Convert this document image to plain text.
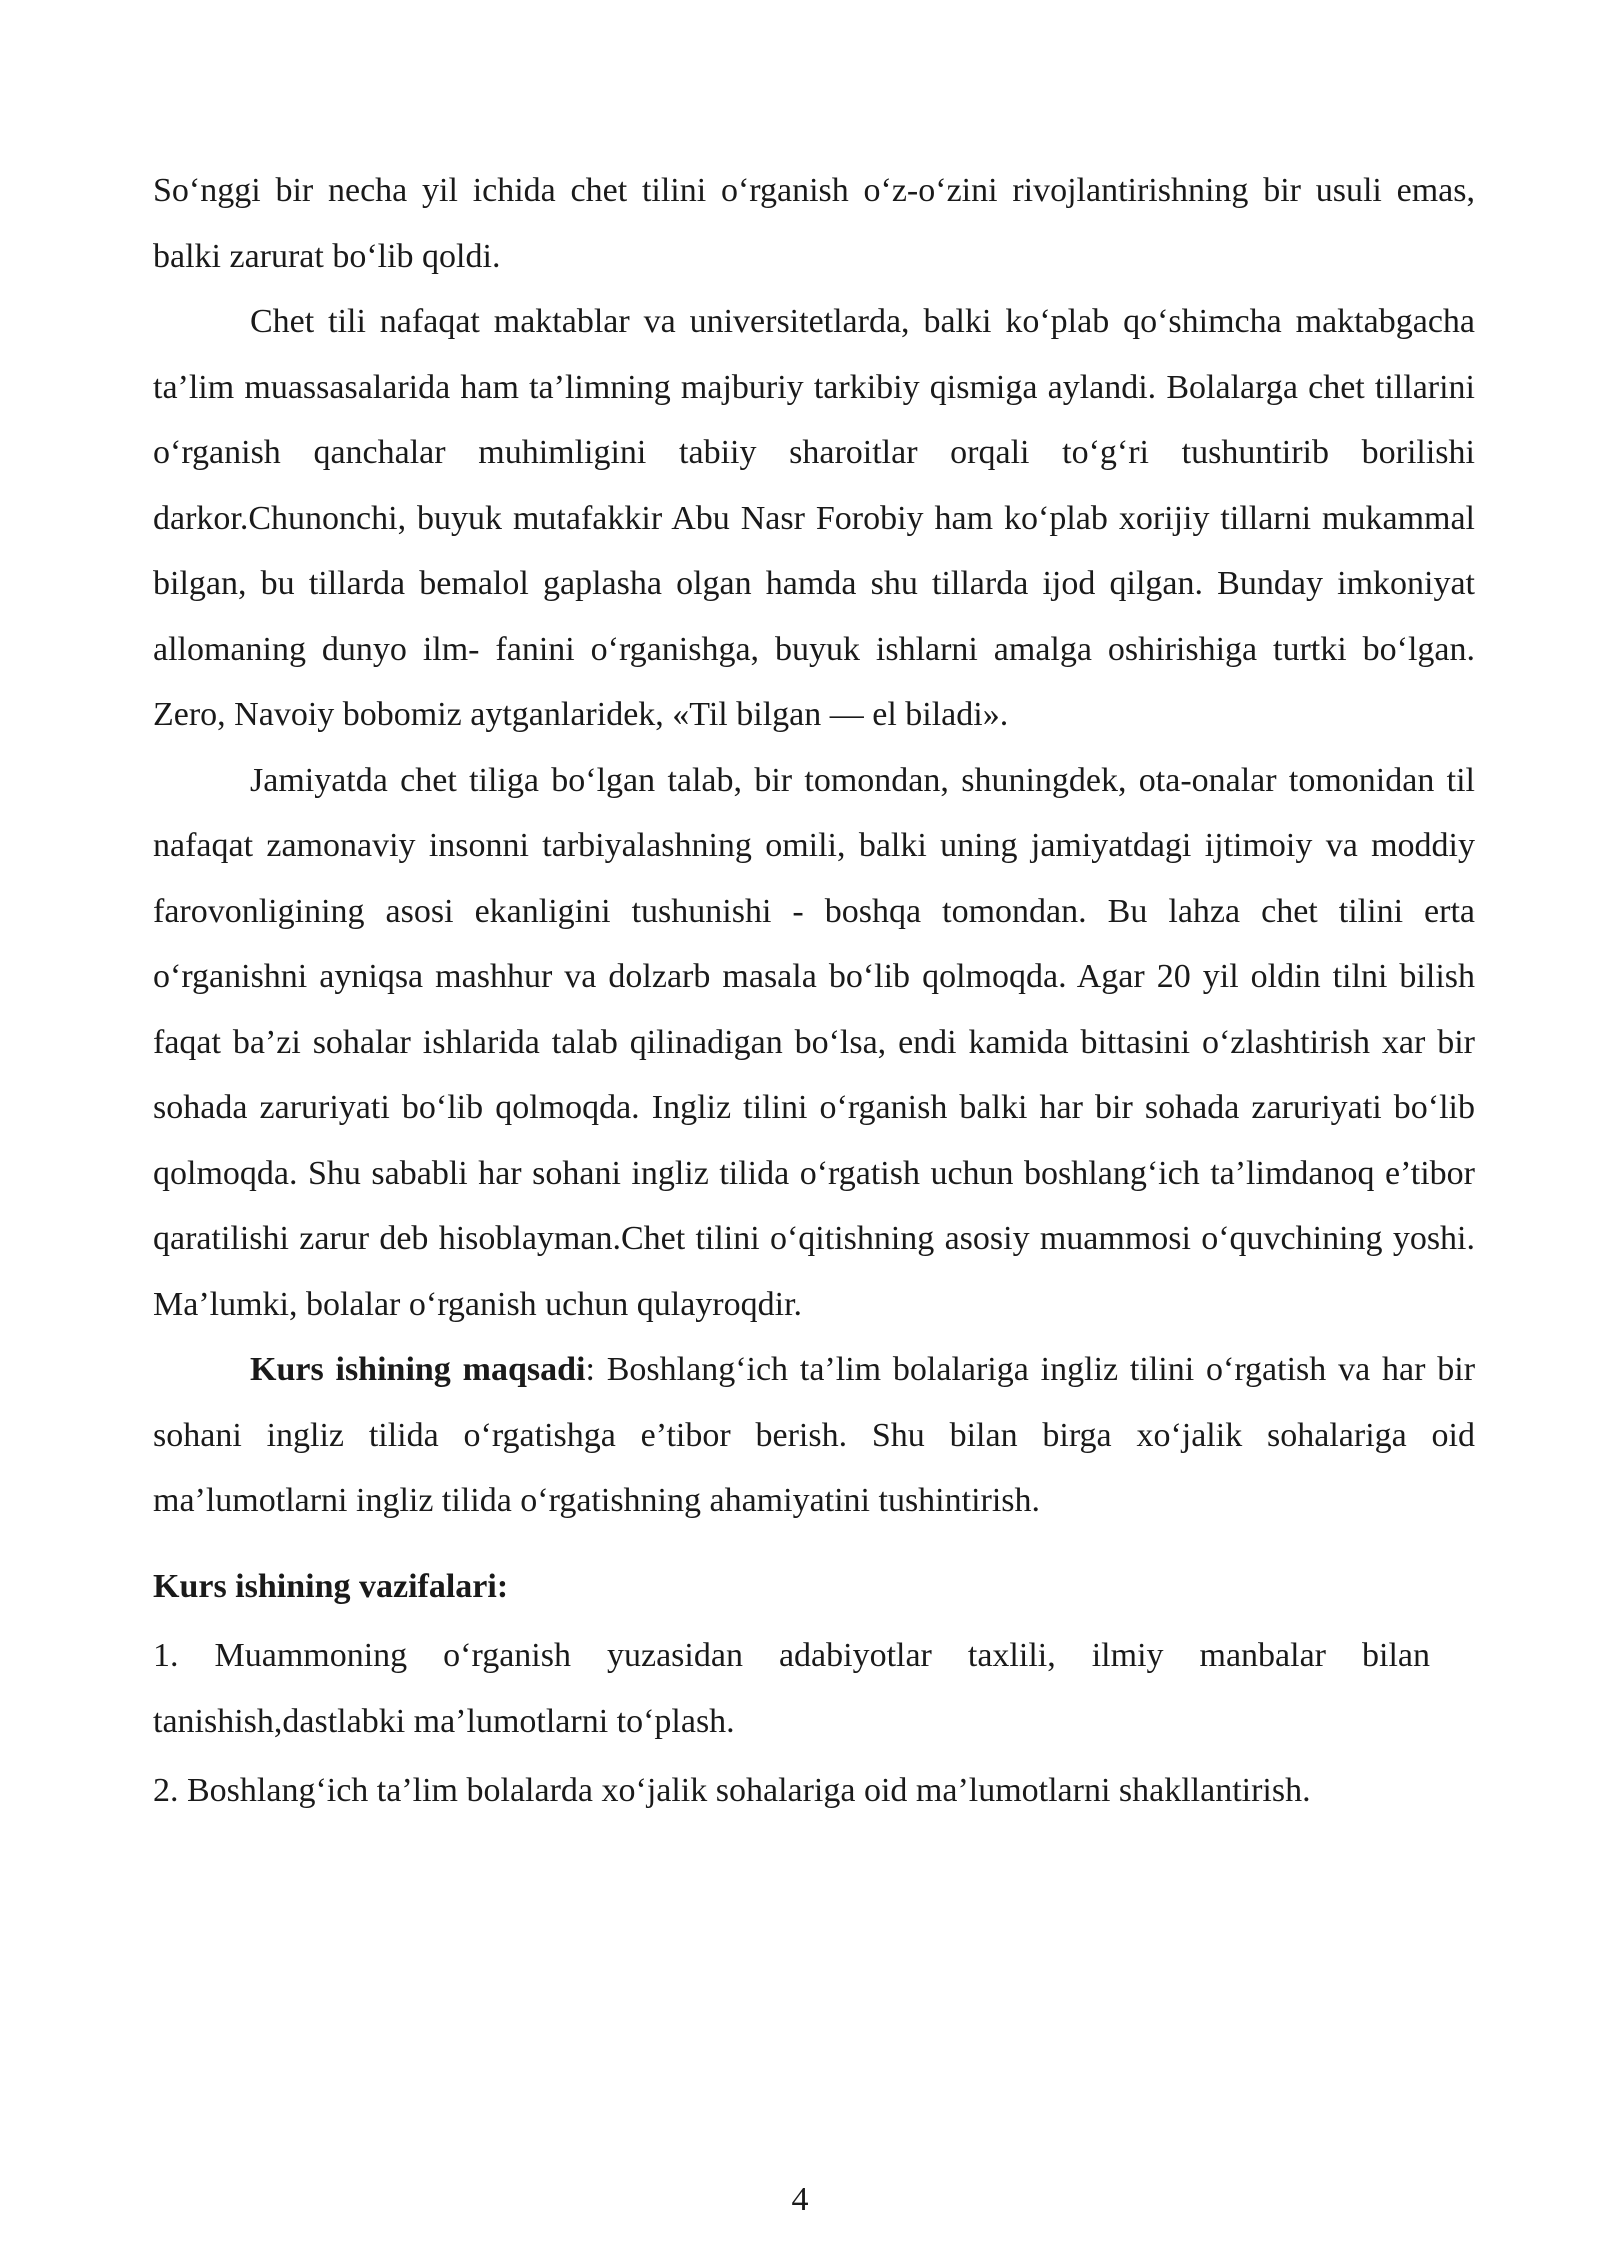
So‘nggi bir necha yil ichida chet tilini o‘rganish o‘z-o‘zini rivojlantirishning bir usuli emas, balki zarurat bo‘lib qoldi.

Chet tili nafaqat maktablar va universitetlarda, balki ko‘plab qo‘shimcha maktabgacha ta’lim muassasalarida ham ta’limning majburiy tarkibiy qismiga aylandi. Bolalarga chet tillarini o‘rganish qanchalar muhimligini tabiiy sharoitlar orqali to‘g‘ri tushuntirib borilishi darkor.Chunonchi, buyuk mutafakkir Abu Nasr Forobiy ham ko‘plab xorijiy tillarni mukammal bilgan, bu tillarda bemalol gaplasha olgan hamda shu tillarda ijod qilgan. Bunday imkoniyat allomaning dunyo ilm- fanini o‘rganishga, buyuk ishlarni amalga oshirishiga turtki bo‘lgan. Zero, Navoiy bobomiz aytganlaridek, «Til bilgan — el biladi».

Jamiyatda chet tiliga bo‘lgan talab, bir tomondan, shuningdek, ota-onalar tomonidan til nafaqat zamonaviy insonni tarbiyalashning omili, balki uning jamiyatdagi ijtimoiy va moddiy farovonligining asosi ekanligini tushunishi - boshqa tomondan. Bu lahza chet tilini erta o‘rganishni ayniqsa mashhur va dolzarb masala bo‘lib qolmoqda. Agar 20 yil oldin tilni bilish faqat ba’zi sohalar ishlarida talab qilinadigan bo‘lsa, endi kamida bittasini o‘zlashtirish xar bir sohada zaruriyati bo‘lib qolmoqda. Ingliz tilini o‘rganish balki har bir sohada zaruriyati bo‘lib qolmoqda. Shu sababli har sohani ingliz tilida o‘rgatish uchun boshlang‘ich ta’limdanoq e’tibor qaratilishi zarur deb hisoblayman.Chet tilini o‘qitishning asosiy muammosi o‘quvchining yoshi. Ma’lumki, bolalar o‘rganish uchun qulayroqdir.

Kurs ishining maqsadi: Boshlang‘ich ta’lim bolalariga ingliz tilini o‘rgatish va har bir sohani ingliz tilida o‘rgatishga e’tibor berish. Shu bilan birga xo‘jalik sohalariga oid ma’lumotlarni ingliz tilida o‘rgatishning ahamiyatini tushintirish.

Kurs ishining vazifalari:

1. Muammoning o‘rganish yuzasidan adabiyotlar taxlili, ilmiy manbalar bilan tanishish,dastlabki ma’lumotlarni to‘plash.

2. Boshlang‘ich ta’lim bolalarda xo‘jalik sohalariga oid ma’lumotlarni shakllantirish.

4
